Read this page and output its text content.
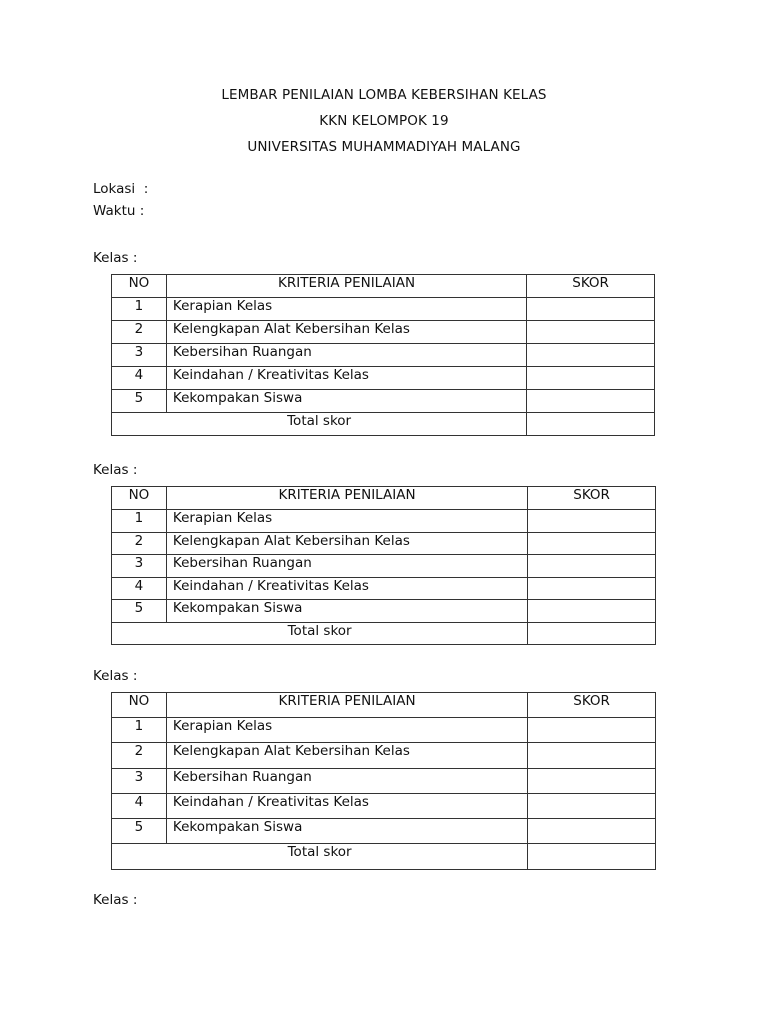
LEMBAR PENILAIAN LOMBA KEBERSIHAN KELAS
KKN KELOMPOK 19
UNIVERSITAS MUHAMMADIYAH MALANG
Lokasi  :
Waktu :
Kelas :
NO	KRITERIA PENILAIAN	SKOR
1	Kerapian Kelas	
2	Kelengkapan Alat Kebersihan Kelas	
3	Kebersihan Ruangan	
4	Keindahan / Kreativitas Kelas	
5	Kekompakan Siswa	
Total skor		
Kelas :
NO	KRITERIA PENILAIAN	SKOR
1	Kerapian Kelas	
2	Kelengkapan Alat Kebersihan Kelas	
3	Kebersihan Ruangan	
4	Keindahan / Kreativitas Kelas	
5	Kekompakan Siswa	
Total skor		
Kelas :
NO	KRITERIA PENILAIAN	SKOR
1	Kerapian Kelas	
2	Kelengkapan Alat Kebersihan Kelas	
3	Kebersihan Ruangan	
4	Keindahan / Kreativitas Kelas	
5	Kekompakan Siswa	
Total skor		
Kelas :
